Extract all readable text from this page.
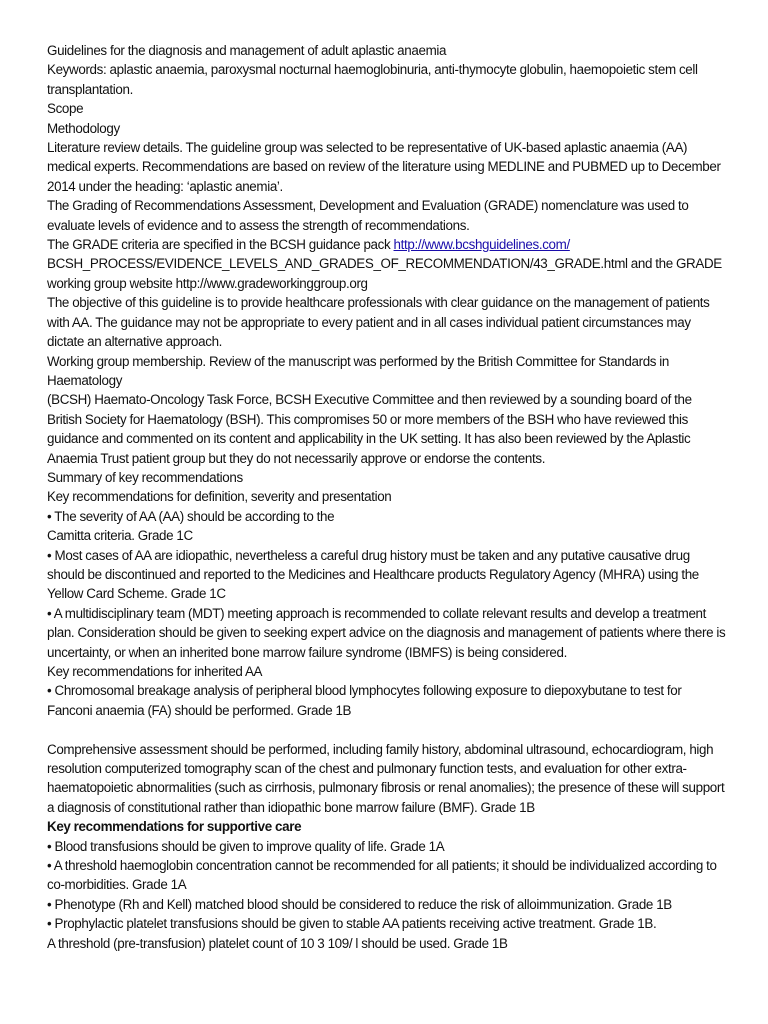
Guidelines for the diagnosis and management of adult aplastic anaemia

Keywords: aplastic anaemia, paroxysmal nocturnal haemoglobinuria, anti-thymocyte globulin, haemopoietic stem cell transplantation.

Scope

Methodology

Literature review details. The guideline group was selected to be representative of UK-based aplastic anaemia (AA) medical experts. Recommendations are based on review of the literature using MEDLINE and PUBMED up to December 2014 under the heading: ‘aplastic anemia’.

The Grading of Recommendations Assessment, Development and Evaluation (GRADE) nomenclature was used to evaluate levels of evidence and to assess the strength of recommendations.

The GRADE criteria are specified in the BCSH guidance pack http://www.bcshguidelines.com/ BCSH_PROCESS/EVIDENCE_LEVELS_AND_GRADES_OF_RECOMMENDATION/43_GRADE.html and the GRADE working group website http://www.gradeworkinggroup.org

The objective of this guideline is to provide healthcare professionals with clear guidance on the management of patients with AA. The guidance may not be appropriate to every patient and in all cases individual patient circumstances may dictate an alternative approach.

Working group membership. Review of the manuscript was performed by the British Committee for Standards in Haematology

(BCSH) Haemato-Oncology Task Force, BCSH Executive Committee and then reviewed by a sounding board of the British Society for Haematology (BSH). This compromises 50 or more members of the BSH who have reviewed this guidance and commented on its content and applicability in the UK setting. It has also been reviewed by the Aplastic Anaemia Trust patient group but they do not necessarily approve or endorse the contents.

Summary of key recommendations

Key recommendations for definition, severity and presentation

• The severity of AA (AA) should be according to the

Camitta criteria. Grade 1C

• Most cases of AA are idiopathic, nevertheless a careful drug history must be taken and any putative causative drug should be discontinued and reported to the Medicines and Healthcare products Regulatory Agency (MHRA) using the Yellow Card Scheme. Grade 1C

• A multidisciplinary team (MDT) meeting approach is recommended to collate relevant results and develop a treatment plan. Consideration should be given to seeking expert advice on the diagnosis and management of patients where there is uncertainty, or when an inherited bone marrow failure syndrome (IBMFS) is being considered.

Key recommendations for inherited AA

• Chromosomal breakage analysis of peripheral blood lymphocytes following exposure to diepoxybutane to test for Fanconi anaemia (FA) should be performed. Grade 1B

Comprehensive assessment should be performed, including family history, abdominal ultrasound, echocardiogram, high resolution computerized tomography scan of the chest and pulmonary function tests, and evaluation for other extra-haematopoietic abnormalities (such as cirrhosis, pulmonary fibrosis or renal anomalies); the presence of these will support a diagnosis of constitutional rather than idiopathic bone marrow failure (BMF). Grade 1B

Key recommendations for supportive care

• Blood transfusions should be given to improve quality of life. Grade 1A

• A threshold haemoglobin concentration cannot be recommended for all patients; it should be individualized according to co-morbidities. Grade 1A

• Phenotype (Rh and Kell) matched blood should be considered to reduce the risk of alloimmunization. Grade 1B

• Prophylactic platelet transfusions should be given to stable AA patients receiving active treatment. Grade 1B.

A threshold (pre-transfusion) platelet count of 10 3 109/ l should be used. Grade 1B
